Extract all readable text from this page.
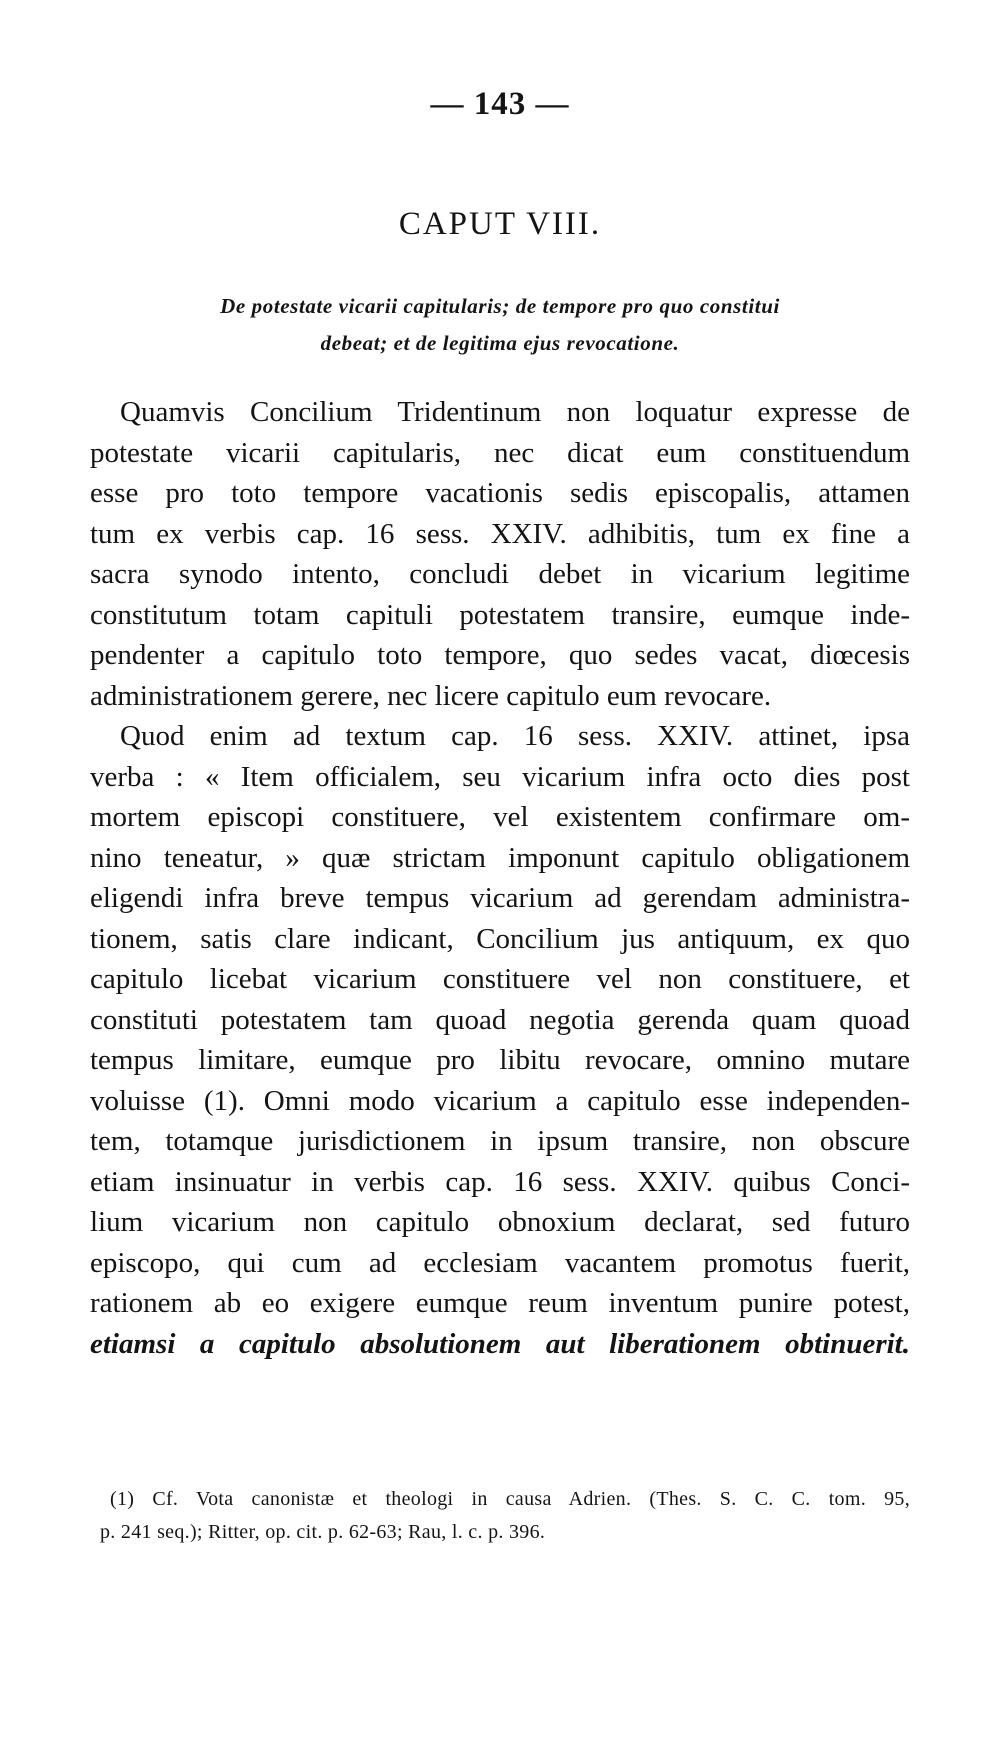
— 143 —
CAPUT VIII.
De potestate vicarii capitularis; de tempore pro quo constitui
debeat; et de legitima ejus revocatione.
Quamvis Concilium Tridentinum non loquatur expresse de
potestate vicarii capitularis, nec dicat eum constituendum
esse pro toto tempore vacationis sedis episcopalis, attamen
tum ex verbis cap. 16 sess. XXIV. adhibitis, tum ex fine a
sacra synodo intento, concludi debet in vicarium legitime
constitutum totam capituli potestatem transire, eumque inde-
pendenter a capitulo toto tempore, quo sedes vacat, diœcesis
administrationem gerere, nec licere capitulo eum revocare.
Quod enim ad textum cap. 16 sess. XXIV. attinet, ipsa
verba : « Item officialem, seu vicarium infra octo dies post
mortem episcopi constituere, vel existentem confirmare om-
nino teneatur, » quæ strictam imponunt capitulo obligationem
eligendi infra breve tempus vicarium ad gerendam administra-
tionem, satis clare indicant, Concilium jus antiquum, ex quo
capitulo licebat vicarium constituere vel non constituere, et
constituti potestatem tam quoad negotia gerenda quam quoad
tempus limitare, eumque pro libitu revocare, omnino mutare
voluisse (1). Omni modo vicarium a capitulo esse independen-
tem, totamque jurisdictionem in ipsum transire, non obscure
etiam insinuatur in verbis cap. 16 sess. XXIV. quibus Conci-
lium vicarium non capitulo obnoxium declarat, sed futuro
episcopo, qui cum ad ecclesiam vacantem promotus fuerit,
rationem ab eo exigere eumque reum inventum punire potest,
etiamsi a capitulo absolutionem aut liberationem obtinuerit.
(1) Cf. Vota canonistæ et theologi in causa Adrien. (Thes. S. C. C. tom. 95,
p. 241 seq.); Ritter, op. cit. p. 62-63; Rau, l. c. p. 396.
